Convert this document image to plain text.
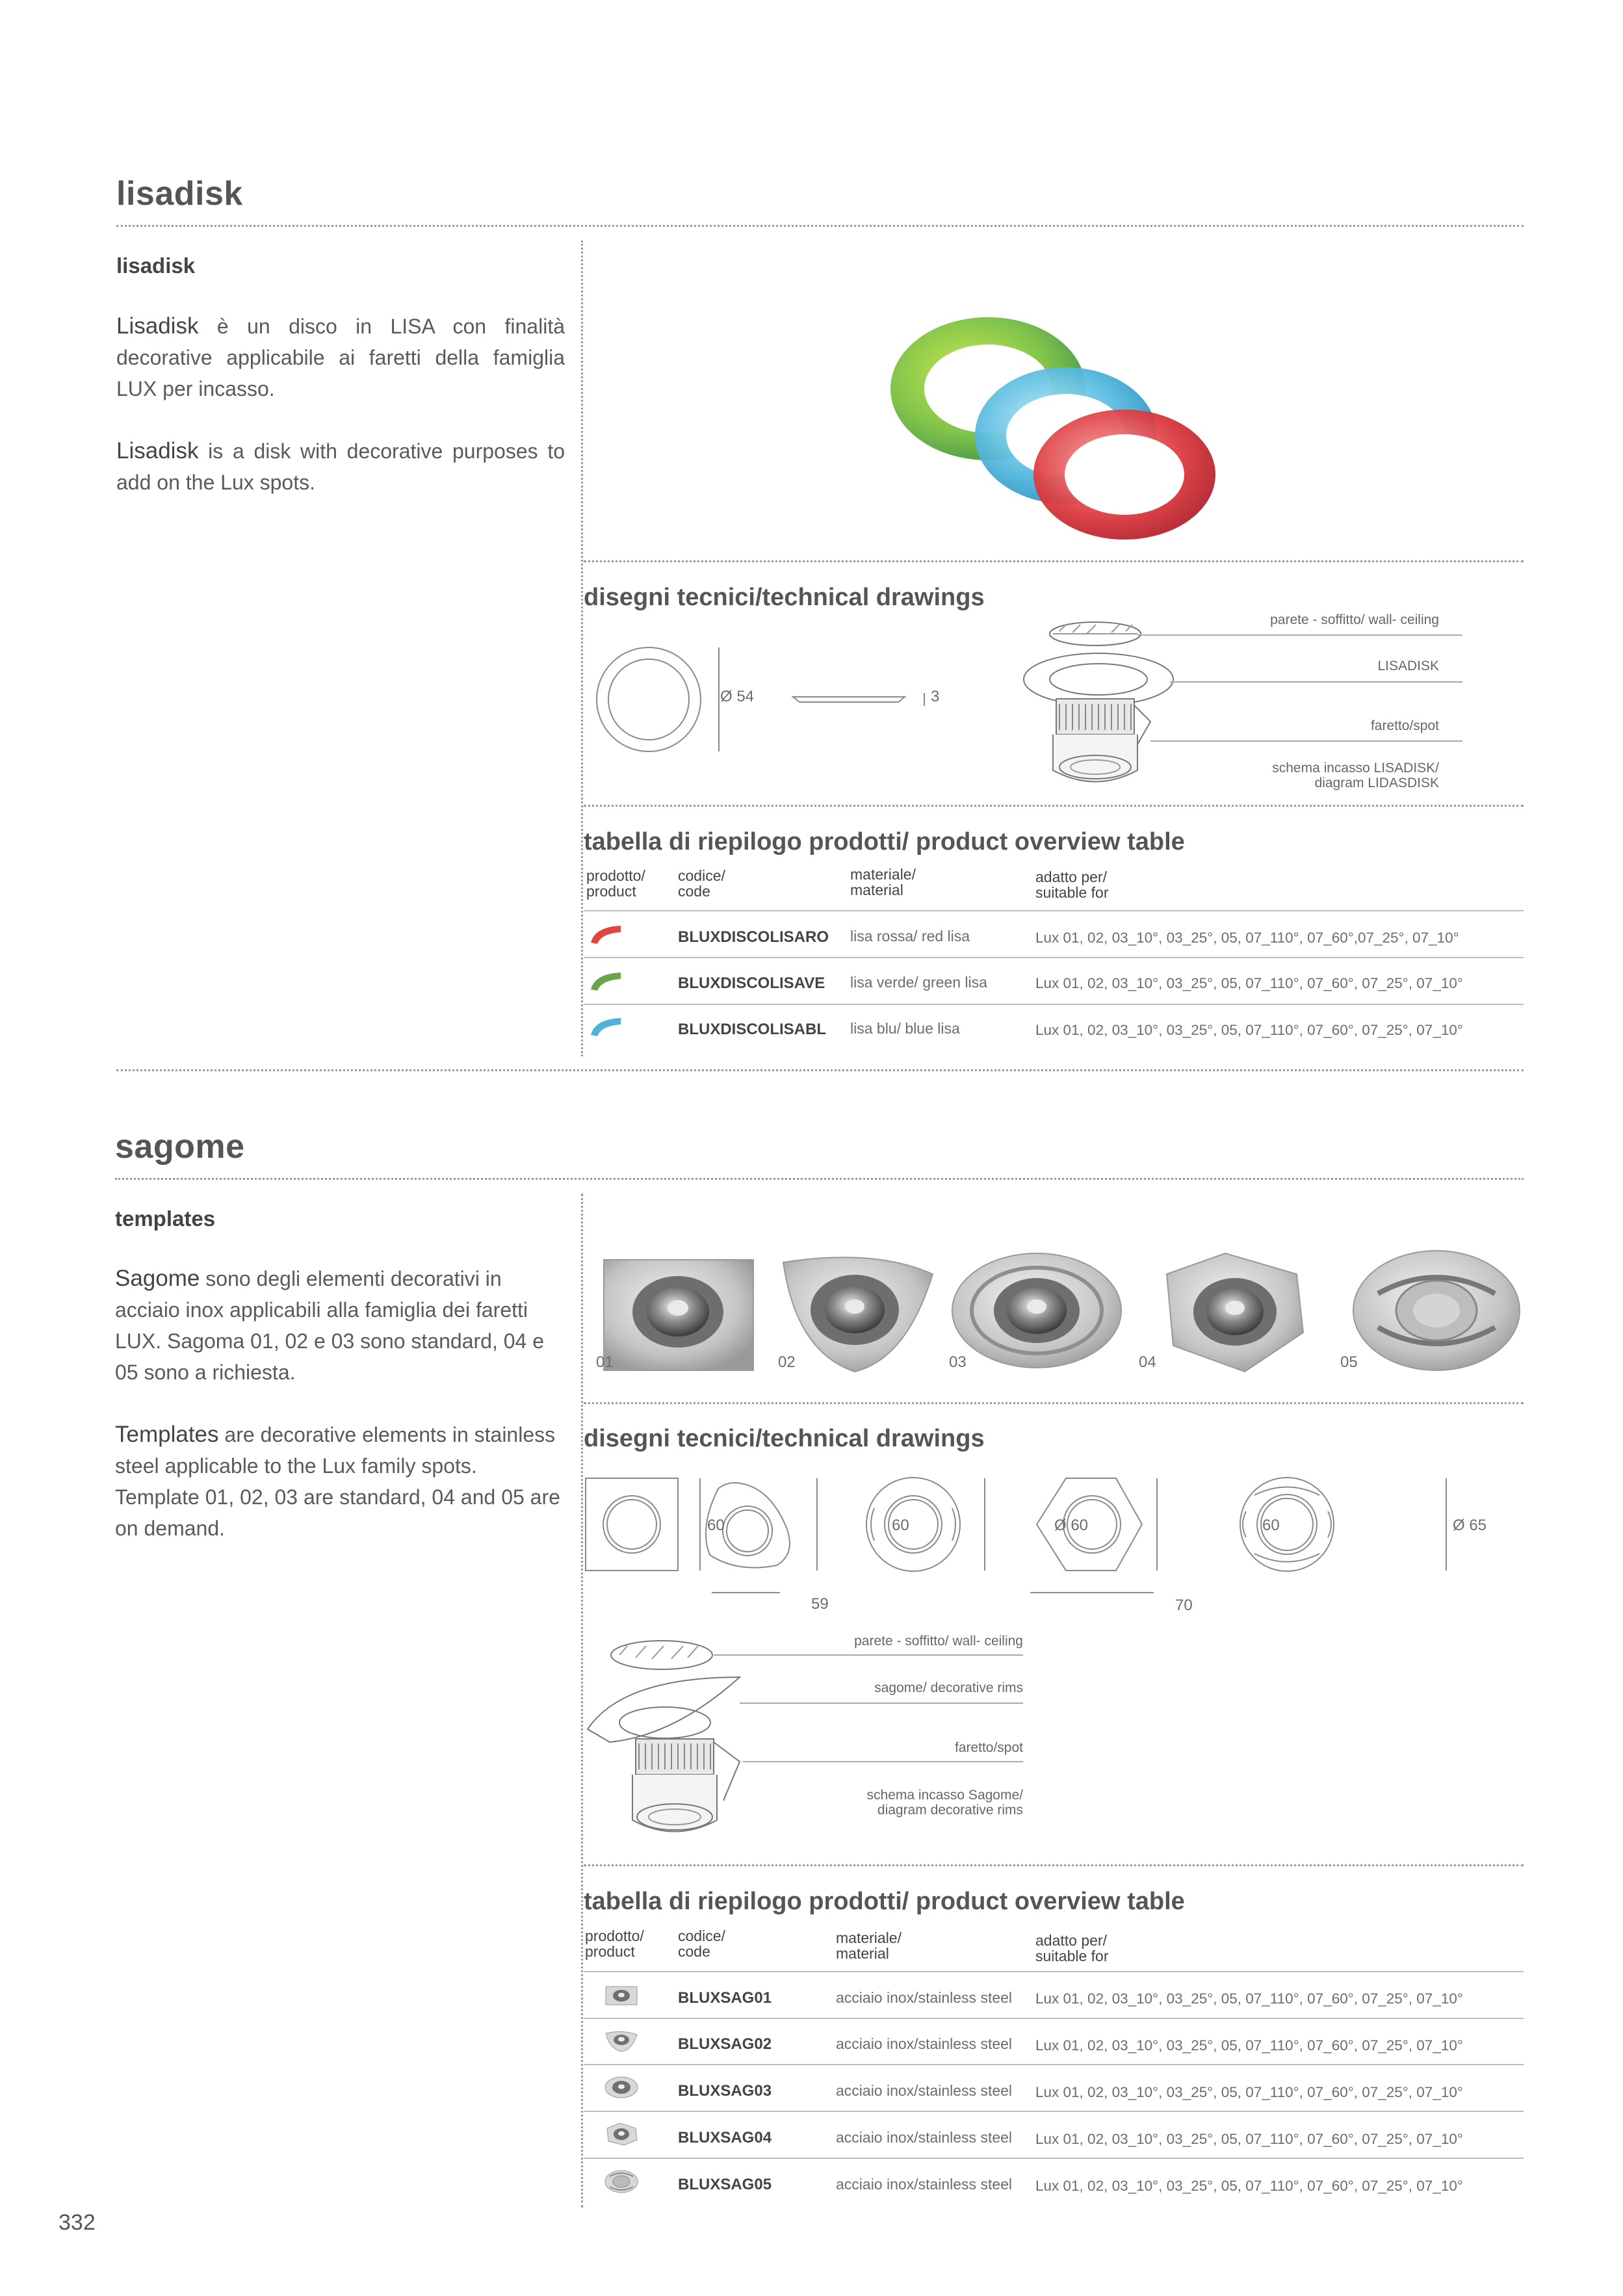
lisadisk
lisadisk
Lisadisk è un disco in LISA con finalità decorative applicabile ai faretti della famiglia LUX per incasso.
Lisadisk is a disk with decorative purposes to add on the Lux spots.
disegni tecnici/technical drawings
Ø 54	3
parete - soffitto/ wall- ceiling
LISADISK
faretto/spot
schema incasso LISADISK/
diagram LIDASDISK
tabella di riepilogo prodotti/ product overview table
prodotto/
product
codice/
code
materiale/
material
adatto per/
suitable for
BLUXDISCOLISARO lisa rossa/ red lisa	Lux 01, 02, 03_10°, 03_25°, 05, 07_110°, 07_60°,07_25°, 07_10°
BLUXDISCOLISAVE lisa verde/ green lisa	Lux 01, 02, 03_10°, 03_25°, 05, 07_110°, 07_60°, 07_25°, 07_10°
BLUXDISCOLISABL lisa blu/ blue lisa	Lux 01, 02, 03_10°, 03_25°, 05, 07_110°, 07_60°, 07_25°, 07_10°
sagome
templates
Sagome sono degli elementi decorativi in acciaio inox applicabili alla famiglia dei faretti LUX. Sagoma 01, 02 e 03 sono standard, 04 e 05 sono a richiesta.
Templates are decorative elements in stainless steel applicable to the Lux family spots. Template 01, 02, 03 are standard, 04 and 05 are on demand.
01	02	03	04	05
disegni tecnici/technical drawings
60	60
59
Ø 60	60
70
Ø 65
parete - soffitto/ wall- ceiling
sagome/ decorative rims
faretto/spot
schema incasso Sagome/
diagram decorative rims
tabella di riepilogo prodotti/ product overview table
prodotto/
product
codice/
code
materiale/
material
adatto per/
suitable for
BLUXSAG01	acciaio inox/stainless steel Lux 01, 02, 03_10°, 03_25°, 05, 07_110°, 07_60°, 07_25°, 07_10°
BLUXSAG02	acciaio inox/stainless steel Lux 01, 02, 03_10°, 03_25°, 05, 07_110°, 07_60°, 07_25°, 07_10°
BLUXSAG03	acciaio inox/stainless steel Lux 01, 02, 03_10°, 03_25°, 05, 07_110°, 07_60°, 07_25°, 07_10°
BLUXSAG04	acciaio inox/stainless steel Lux 01, 02, 03_10°, 03_25°, 05, 07_110°, 07_60°, 07_25°, 07_10°
BLUXSAG05	acciaio inox/stainless steel Lux 01, 02, 03_10°, 03_25°, 05, 07_110°, 07_60°, 07_25°, 07_10°
332
